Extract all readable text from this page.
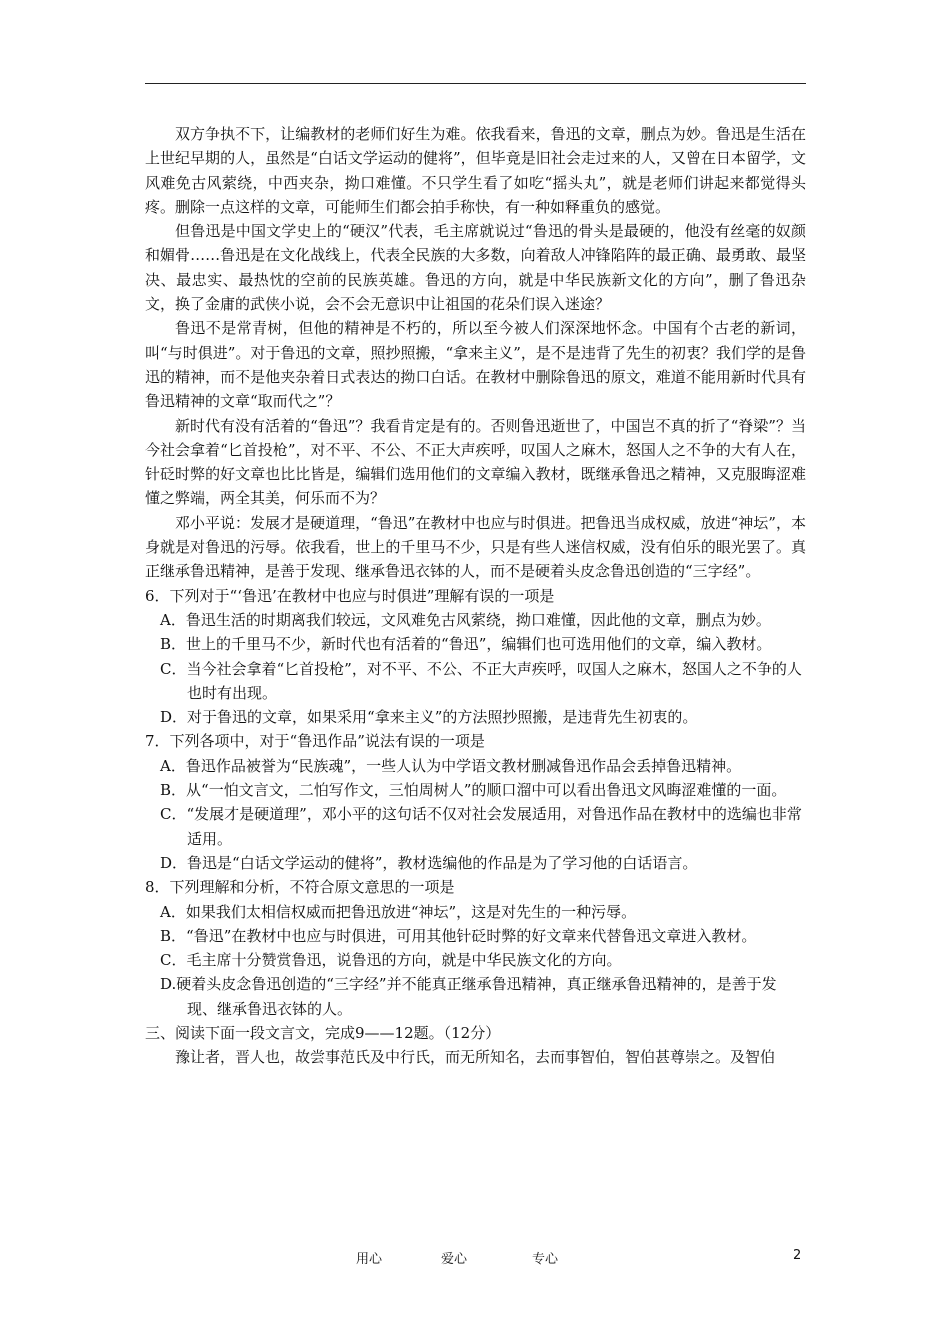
双方争执不下，让编教材的老师们好生为难。依我看来，鲁迅的文章，删点为妙。鲁迅是生活在上世纪早期的人，虽然是“白话文学运动的健将”，但毕竟是旧社会走过来的人，又曾在日本留学，文风难免古风萦绕，中西夹杂，拗口难懂。不只学生看了如吃“摇头丸”，就是老师们讲起来都觉得头疼。删除一点这样的文章，可能师生们都会拍手称快，有一种如释重负的感觉。

但鲁迅是中国文学史上的“硬汉”代表，毛主席就说过“鲁迅的骨头是最硬的，他没有丝毫的奴颜和媚骨……鲁迅是在文化战线上，代表全民族的大多数，向着敌人冲锋陷阵的最正确、最勇敢、最坚决、最忠实、最热忱的空前的民族英雄。鲁迅的方向，就是中华民族新文化的方向”，删了鲁迅杂文，换了金庸的武侠小说，会不会无意识中让祖国的花朵们误入迷途？

鲁迅不是常青树，但他的精神是不朽的，所以至今被人们深深地怀念。中国有个古老的新词，叫“与时俱进”。对于鲁迅的文章，照抄照搬，“拿来主义”，是不是违背了先生的初衷？我们学的是鲁迅的精神，而不是他夹杂着日式表达的拗口白话。在教材中删除鲁迅的原文，难道不能用新时代具有鲁迅精神的文章“取而代之”？

新时代有没有活着的“鲁迅”？我看肯定是有的。否则鲁迅逝世了，中国岂不真的折了“脊梁”？当今社会拿着“匕首投枪”，对不平、不公、不正大声疾呼，叹国人之麻木，怒国人之不争的大有人在，针砭时弊的好文章也比比皆是，编辑们选用他们的文章编入教材，既继承鲁迅之精神，又克服晦涩难懂之弊端，两全其美，何乐而不为？

邓小平说：发展才是硬道理，“鲁迅”在教材中也应与时俱进。把鲁迅当成权威，放进“神坛”，本身就是对鲁迅的污辱。依我看，世上的千里马不少，只是有些人迷信权威，没有伯乐的眼光罢了。真正继承鲁迅精神，是善于发现、继承鲁迅衣钵的人，而不是硬着头皮念鲁迅创造的“三字经”。

6．下列对于“‘鲁迅’在教材中也应与时俱进”理解有误的一项是

A．鲁迅生活的时期离我们较远，文风难免古风萦绕，拗口难懂，因此他的文章，删点为妙。

B．世上的千里马不少，新时代也有活着的“鲁迅”，编辑们也可选用他们的文章，编入教材。

C．当今社会拿着“匕首投枪”，对不平、不公、不正大声疾呼，叹国人之麻木，怒国人之不争的人也时有出现。

D．对于鲁迅的文章，如果采用“拿来主义”的方法照抄照搬，是违背先生初衷的。

7．下列各项中，对于“鲁迅作品”说法有误的一项是

A．鲁迅作品被誉为“民族魂”，一些人认为中学语文教材删减鲁迅作品会丢掉鲁迅精神。

B．从“一怕文言文，二怕写作文，三怕周树人”的顺口溜中可以看出鲁迅文风晦涩难懂的一面。

C．“发展才是硬道理”，邓小平的这句话不仅对社会发展适用，对鲁迅作品在教材中的选编也非常适用。

D．鲁迅是“白话文学运动的健将”，教材选编他的作品是为了学习他的白话语言。

8．下列理解和分析，不符合原文意思的一项是

A．如果我们太相信权威而把鲁迅放进“神坛”，这是对先生的一种污辱。

B．“鲁迅”在教材中也应与时俱进，可用其他针砭时弊的好文章来代替鲁迅文章进入教材。

C．毛主席十分赞赏鲁迅，说鲁迅的方向，就是中华民族文化的方向。

D.硬着头皮念鲁迅创造的“三字经”并不能真正继承鲁迅精神，真正继承鲁迅精神的，是善于发现、继承鲁迅衣钵的人。

三、阅读下面一段文言文，完成9——12题。（12分）

豫让者，晋人也，故尝事范氏及中行氏，而无所知名，去而事智伯，智伯甚尊崇之。及智伯

用心	爱心	专心	2
